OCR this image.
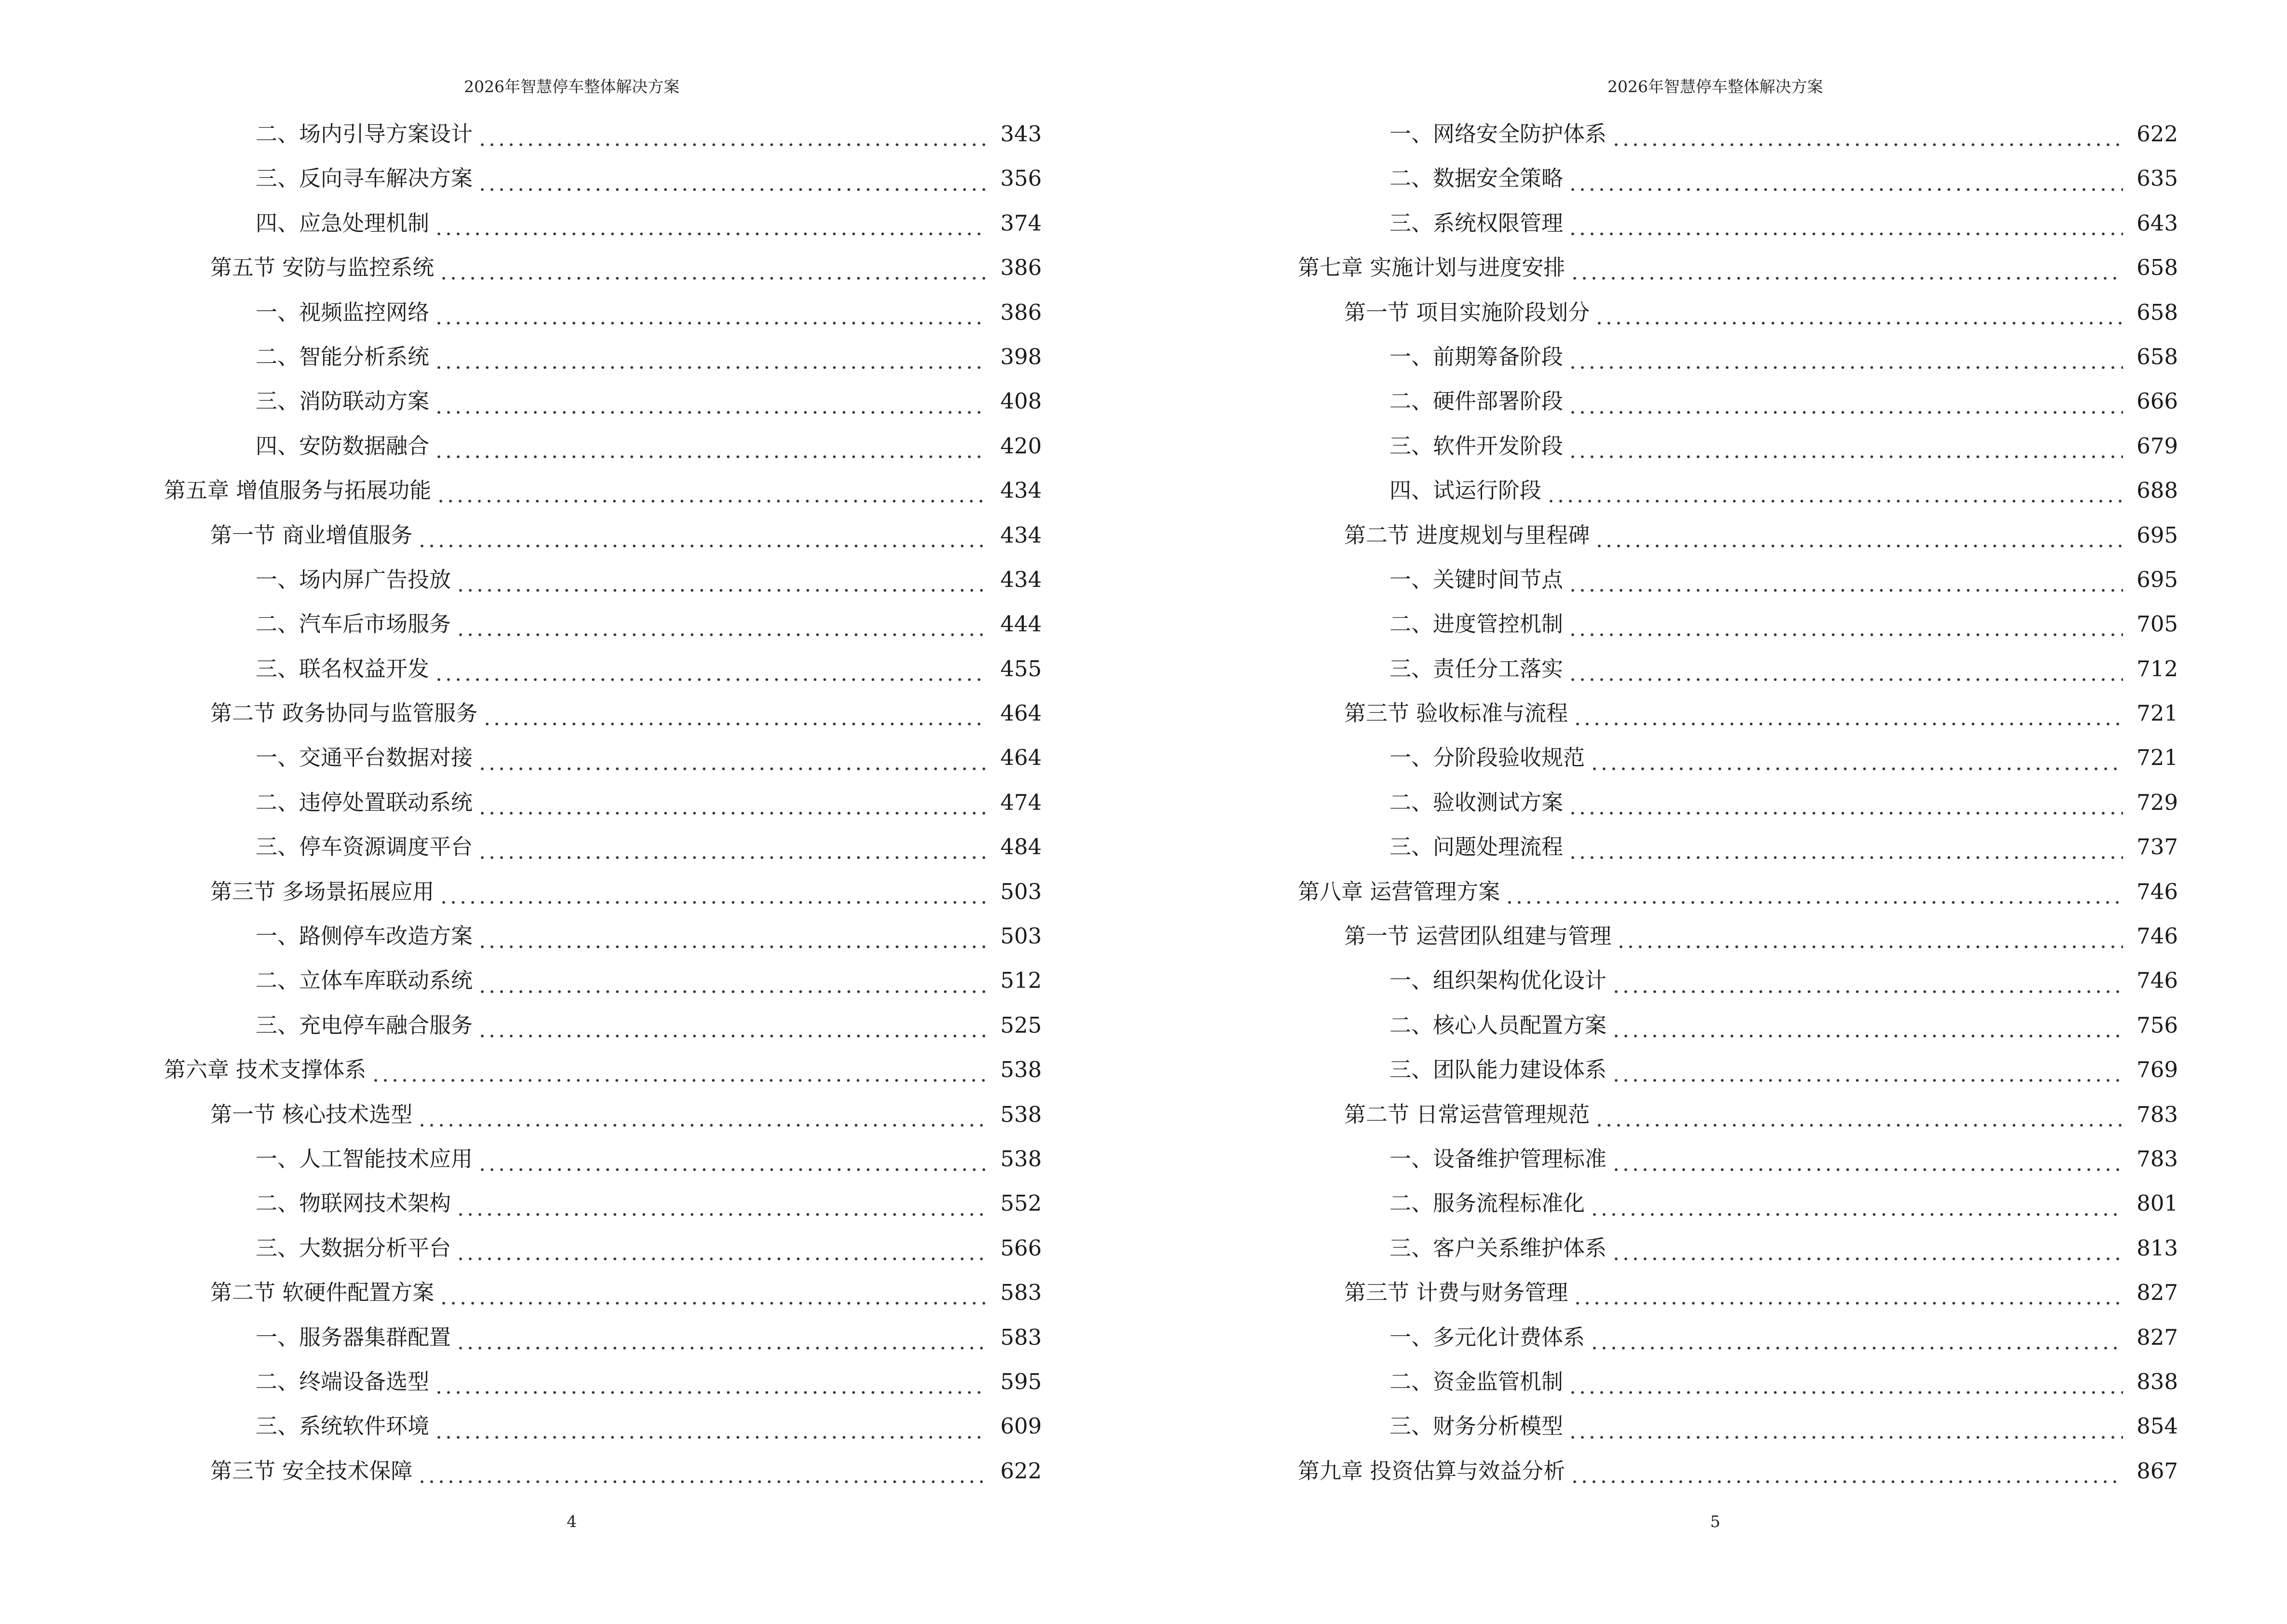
2026年智慧停车整体解决方案
二、场内引导方案设计	343
三、反向寻车解决方案	356
四、应急处理机制	374
第五节 安防与监控系统	386
一、视频监控网络	386
二、智能分析系统	398
三、消防联动方案	408
四、安防数据融合	420
第五章 增值服务与拓展功能	434
第一节 商业增值服务	434
一、场内屏广告投放	434
二、汽车后市场服务	444
三、联名权益开发	455
第二节 政务协同与监管服务	464
一、交通平台数据对接	464
二、违停处置联动系统	474
三、停车资源调度平台	484
第三节 多场景拓展应用	503
一、路侧停车改造方案	503
二、立体车库联动系统	512
三、充电停车融合服务	525
第六章 技术支撑体系	538
第一节 核心技术选型	538
一、人工智能技术应用	538
二、物联网技术架构	552
三、大数据分析平台	566
第二节 软硬件配置方案	583
一、服务器集群配置	583
二、终端设备选型	595
三、系统软件环境	609
第三节 安全技术保障	622
4
2026年智慧停车整体解决方案
一、网络安全防护体系	622
二、数据安全策略	635
三、系统权限管理	643
第七章 实施计划与进度安排	658
第一节 项目实施阶段划分	658
一、前期筹备阶段	658
二、硬件部署阶段	666
三、软件开发阶段	679
四、试运行阶段	688
第二节 进度规划与里程碑	695
一、关键时间节点	695
二、进度管控机制	705
三、责任分工落实	712
第三节 验收标准与流程	721
一、分阶段验收规范	721
二、验收测试方案	729
三、问题处理流程	737
第八章 运营管理方案	746
第一节 运营团队组建与管理	746
一、组织架构优化设计	746
二、核心人员配置方案	756
三、团队能力建设体系	769
第二节 日常运营管理规范	783
一、设备维护管理标准	783
二、服务流程标准化	801
三、客户关系维护体系	813
第三节 计费与财务管理	827
一、多元化计费体系	827
二、资金监管机制	838
三、财务分析模型	854
第九章 投资估算与效益分析	867
5
